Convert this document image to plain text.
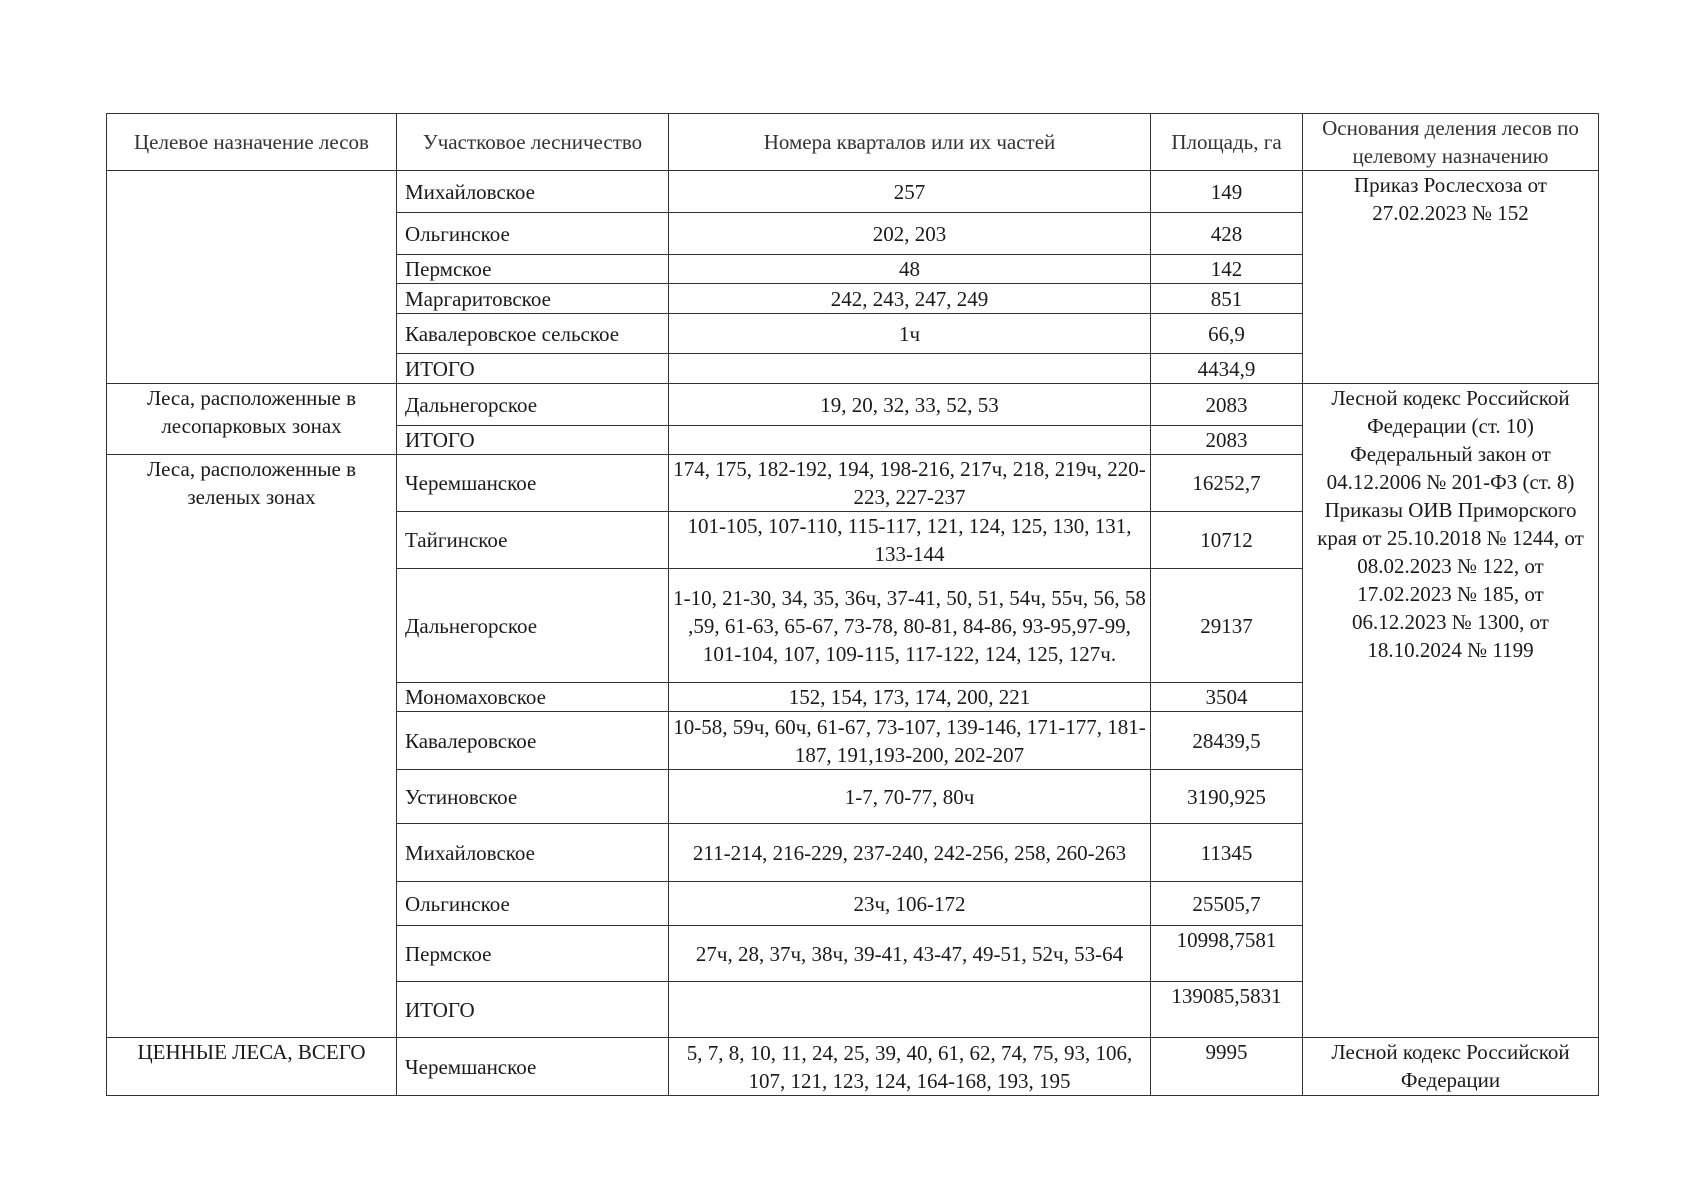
Целевое назначение лесов	Участковое лесничество	Номера кварталов или их частей	Площадь, га	Основания деления лесов по целевому назначению
	Михайловское	257	149	Приказ Рослесхоза от 27.02.2023 № 152
	Ольгинское	202, 203	428	
	Пермское	48	142	
	Маргаритовское	242, 243, 247, 249	851	
	Кавалеровское сельское	1ч	66,9	
	ИТОГО		4434,9	
Леса, расположенные в лесопарковых зонах	Дальнегорское	19, 20, 32, 33, 52, 53	2083	Лесной кодекс Российской Федерации (ст. 10) Федеральный закон от 04.12.2006 № 201-ФЗ (ст. 8) Приказы ОИВ Приморского края от 25.10.2018 № 1244, от 08.02.2023 № 122, от 17.02.2023 № 185, от 06.12.2023 № 1300, от 18.10.2024 № 1199
	ИТОГО		2083	
Леса, расположенные в зеленых зонах	Черемшанское	174, 175, 182-192, 194, 198-216, 217ч, 218, 219ч, 220-223, 227-237	16252,7	
	Тайгинское	101-105, 107-110, 115-117, 121, 124, 125, 130, 131, 133-144	10712	
	Дальнегорское	1-10, 21-30, 34, 35, 36ч, 37-41, 50, 51, 54ч, 55ч, 56, 58 ,59, 61-63, 65-67, 73-78, 80-81, 84-86, 93-95,97-99, 101-104, 107, 109-115, 117-122, 124, 125, 127ч.	29137	
	Мономаховское	152, 154, 173, 174, 200, 221	3504	
	Кавалеровское	10-58, 59ч, 60ч, 61-67, 73-107, 139-146, 171-177, 181-187, 191,193-200, 202-207	28439,5	
	Устиновское	1-7, 70-77, 80ч	3190,925	
	Михайловское	211-214, 216-229, 237-240, 242-256, 258, 260-263	11345	
	Ольгинское	23ч, 106-172	25505,7	
	Пермское	27ч, 28, 37ч, 38ч, 39-41, 43-47, 49-51, 52ч, 53-64	10998,7581	
	ИТОГО		139085,5831	
ЦЕННЫЕ ЛЕСА, ВСЕГО	Черемшанское	5, 7, 8, 10, 11, 24, 25, 39, 40, 61, 62, 74, 75, 93, 106, 107, 121, 123, 124, 164-168, 193, 195	9995	Лесной кодекс Российской Федерации
